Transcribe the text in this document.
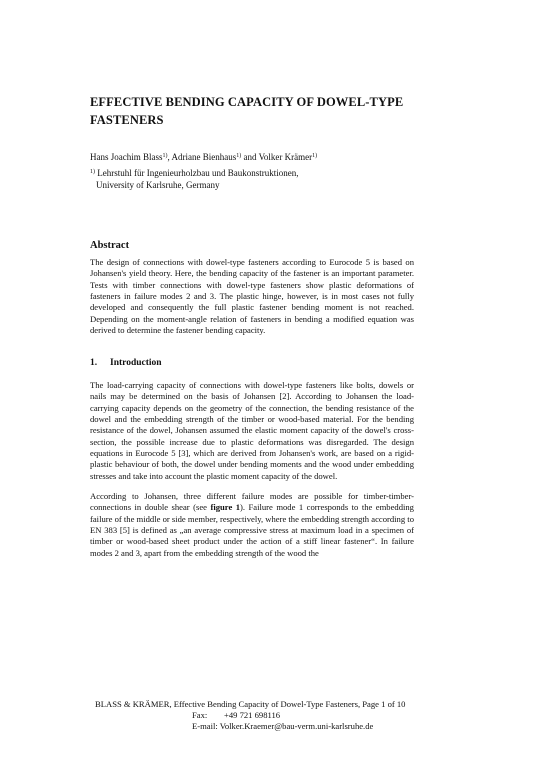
EFFECTIVE BENDING CAPACITY OF DOWEL-TYPE FASTENERS
Hans Joachim Blass$^{1)}$, Adriane Bienhaus$^{1)}$ and Volker Krämer$^{1)}$
$^{1)}$ Lehrstuhl für Ingenieurholzbau und Baukonstruktionen,
University of Karlsruhe, Germany
Abstract

The design of connections with dowel-type fasteners according to Eurocode 5 is based on Johansen's yield theory. Here, the bending capacity of the fastener is an important parameter. Tests with timber connections with dowel-type fasteners show plastic deformations of fasteners in failure modes 2 and 3. The plastic hinge, however, is in most cases not fully developed and consequently the full plastic fastener bending moment is not reached. Depending on the moment-angle relation of fasteners in bending a modified equation was derived to determine the fastener bending capacity.

1. Introduction

The load-carrying capacity of connections with dowel-type fasteners like bolts, dowels or nails may be determined on the basis of Johansen [2]. According to Johansen the load-carrying capacity depends on the geometry of the connection, the bending resistance of the dowel and the embedding strength of the timber or wood-based material. For the bending resistance of the dowel, Johansen assumed the elastic moment capacity of the dowel's cross-section, the possible increase due to plastic deformations was disregarded. The design equations in Eurocode 5 [3], which are derived from Johansen's work, are based on a rigid-plastic behaviour of both, the dowel under bending moments and the wood under embedding stresses and take into account the plastic moment capacity of the dowel.

According to Johansen, three different failure modes are possible for timber-timber-connections in double shear (see figure 1). Failure mode 1 corresponds to the embedding failure of the middle or side member, respectively, where the embedding strength according to EN 383 [5] is defined as „an average compressive stress at maximum load in a specimen of timber or wood-based sheet product under the action of a stiff linear fastener“. In failure modes 2 and 3, apart from the embedding strength of the wood the

BLASS & KRÄMER, Effective Bending Capacity of Dowel-Type Fasteners, Page 1 of 10
Fax: +49 721 698116
E-mail: Volker.Kraemer@bau-verm.uni-karlsruhe.de
